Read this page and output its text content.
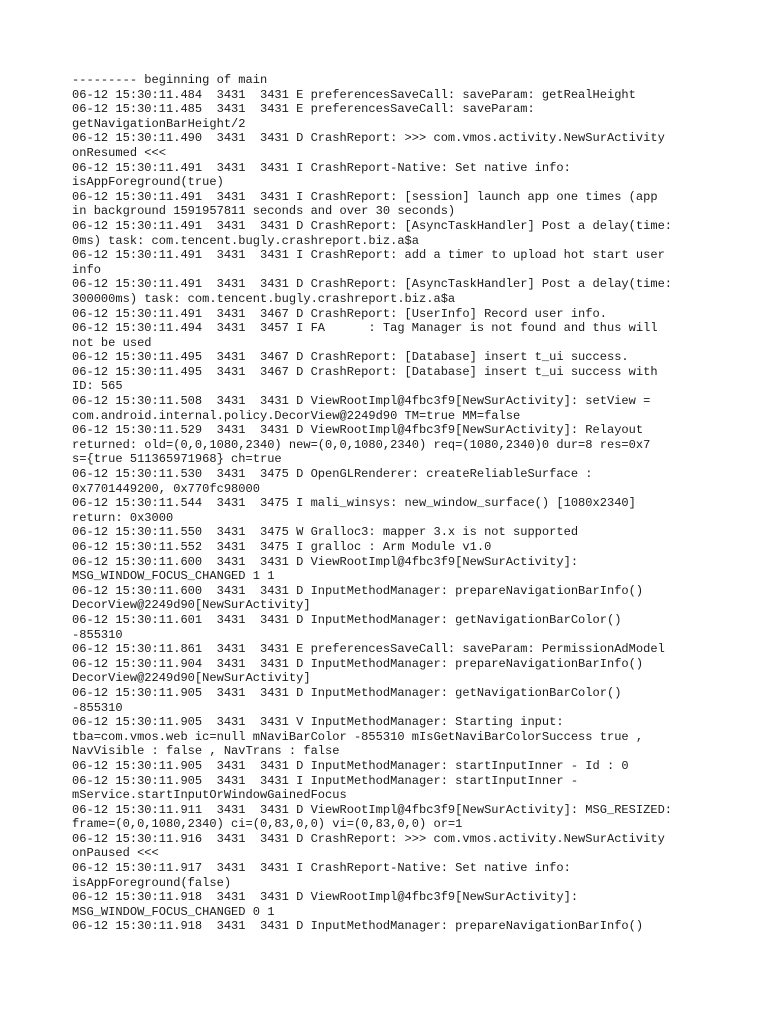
--------- beginning of main
06-12 15:30:11.484  3431  3431 E preferencesSaveCall: saveParam: getRealHeight
06-12 15:30:11.485  3431  3431 E preferencesSaveCall: saveParam:
getNavigationBarHeight/2
06-12 15:30:11.490  3431  3431 D CrashReport: >>> com.vmos.activity.NewSurActivity
onResumed <<<
06-12 15:30:11.491  3431  3431 I CrashReport-Native: Set native info:
isAppForeground(true)
06-12 15:30:11.491  3431  3431 I CrashReport: [session] launch app one times (app
in background 1591957811 seconds and over 30 seconds)
06-12 15:30:11.491  3431  3431 D CrashReport: [AsyncTaskHandler] Post a delay(time:
0ms) task: com.tencent.bugly.crashreport.biz.a$a
06-12 15:30:11.491  3431  3431 I CrashReport: add a timer to upload hot start user
info
06-12 15:30:11.491  3431  3431 D CrashReport: [AsyncTaskHandler] Post a delay(time:
300000ms) task: com.tencent.bugly.crashreport.biz.a$a
06-12 15:30:11.491  3431  3467 D CrashReport: [UserInfo] Record user info.
06-12 15:30:11.494  3431  3457 I FA      : Tag Manager is not found and thus will
not be used
06-12 15:30:11.495  3431  3467 D CrashReport: [Database] insert t_ui success.
06-12 15:30:11.495  3431  3467 D CrashReport: [Database] insert t_ui success with
ID: 565
06-12 15:30:11.508  3431  3431 D ViewRootImpl@4fbc3f9[NewSurActivity]: setView =
com.android.internal.policy.DecorView@2249d90 TM=true MM=false
06-12 15:30:11.529  3431  3431 D ViewRootImpl@4fbc3f9[NewSurActivity]: Relayout
returned: old=(0,0,1080,2340) new=(0,0,1080,2340) req=(1080,2340)0 dur=8 res=0x7
s={true 511365971968} ch=true
06-12 15:30:11.530  3431  3475 D OpenGLRenderer: createReliableSurface :
0x7701449200, 0x770fc98000
06-12 15:30:11.544  3431  3475 I mali_winsys: new_window_surface() [1080x2340]
return: 0x3000
06-12 15:30:11.550  3431  3475 W Gralloc3: mapper 3.x is not supported
06-12 15:30:11.552  3431  3475 I gralloc : Arm Module v1.0
06-12 15:30:11.600  3431  3431 D ViewRootImpl@4fbc3f9[NewSurActivity]:
MSG_WINDOW_FOCUS_CHANGED 1 1
06-12 15:30:11.600  3431  3431 D InputMethodManager: prepareNavigationBarInfo()
DecorView@2249d90[NewSurActivity]
06-12 15:30:11.601  3431  3431 D InputMethodManager: getNavigationBarColor()
-855310
06-12 15:30:11.861  3431  3431 E preferencesSaveCall: saveParam: PermissionAdModel
06-12 15:30:11.904  3431  3431 D InputMethodManager: prepareNavigationBarInfo()
DecorView@2249d90[NewSurActivity]
06-12 15:30:11.905  3431  3431 D InputMethodManager: getNavigationBarColor()
-855310
06-12 15:30:11.905  3431  3431 V InputMethodManager: Starting input:
tba=com.vmos.web ic=null mNaviBarColor -855310 mIsGetNaviBarColorSuccess true ,
NavVisible : false , NavTrans : false
06-12 15:30:11.905  3431  3431 D InputMethodManager: startInputInner - Id : 0
06-12 15:30:11.905  3431  3431 I InputMethodManager: startInputInner -
mService.startInputOrWindowGainedFocus
06-12 15:30:11.911  3431  3431 D ViewRootImpl@4fbc3f9[NewSurActivity]: MSG_RESIZED:
frame=(0,0,1080,2340) ci=(0,83,0,0) vi=(0,83,0,0) or=1
06-12 15:30:11.916  3431  3431 D CrashReport: >>> com.vmos.activity.NewSurActivity
onPaused <<<
06-12 15:30:11.917  3431  3431 I CrashReport-Native: Set native info:
isAppForeground(false)
06-12 15:30:11.918  3431  3431 D ViewRootImpl@4fbc3f9[NewSurActivity]:
MSG_WINDOW_FOCUS_CHANGED 0 1
06-12 15:30:11.918  3431  3431 D InputMethodManager: prepareNavigationBarInfo()
